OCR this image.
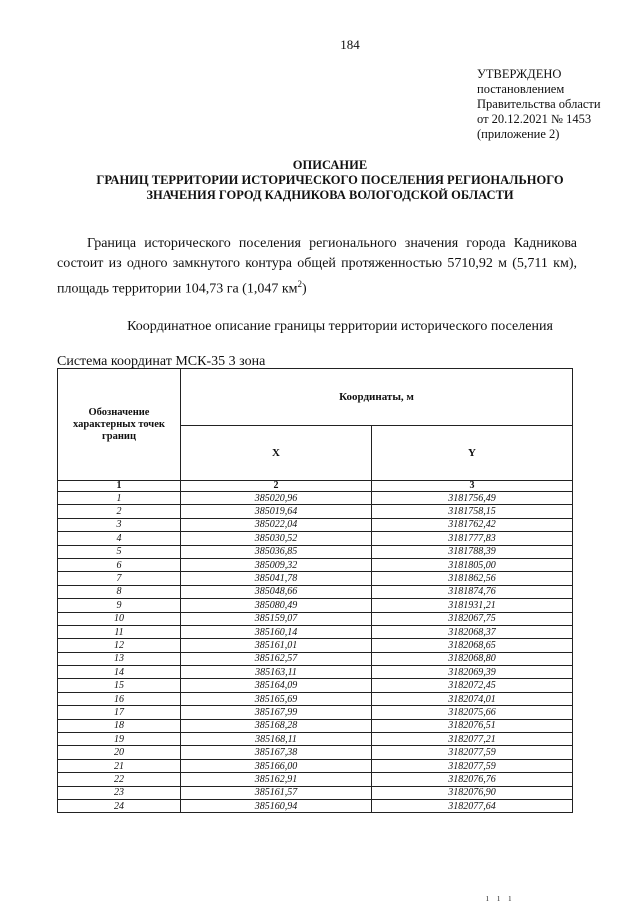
184
УТВЕРЖДЕНО
постановлением
Правительства области
от 20.12.2021 № 1453
(приложение 2)
ОПИСАНИЕ
ГРАНИЦ ТЕРРИТОРИИ ИСТОРИЧЕСКОГО ПОСЕЛЕНИЯ РЕГИОНАЛЬНОГО
ЗНАЧЕНИЯ ГОРОД КАДНИКОВА ВОЛОГОДСКОЙ ОБЛАСТИ
Граница исторического поселения регионального значения города Кадникова состоит из одного замкнутого контура общей протяженностью 5710,92 м (5,711 км), площадь территории 104,73 га (1,047 $км^2$)
Координатное описание границы территории исторического поселения
Система координат МСК-35 3 зона
Обозначение характерных точек границ	Координаты, м	
	X	Y
1	2	3
1	385020,96	3181756,49
2	385019,64	3181758,15
3	385022,04	3181762,42
4	385030,52	3181777,83
5	385036,85	3181788,39
6	385009,32	3181805,00
7	385041,78	3181862,56
8	385048,66	3181874,76
9	385080,49	3181931,21
10	385159,07	3182067,75
11	385160,14	3182068,37
12	385161,01	3182068,65
13	385162,57	3182068,80
14	385163,11	3182069,39
15	385164,09	3182072,45
16	385165,69	3182074,01
17	385167,99	3182075,66
18	385168,28	3182076,51
19	385168,11	3182077,21
20	385167,38	3182077,59
21	385166,00	3182077,59
22	385162,91	3182076,76
23	385161,57	3182076,90
24	385160,94	3182077,64
ı ı ı
